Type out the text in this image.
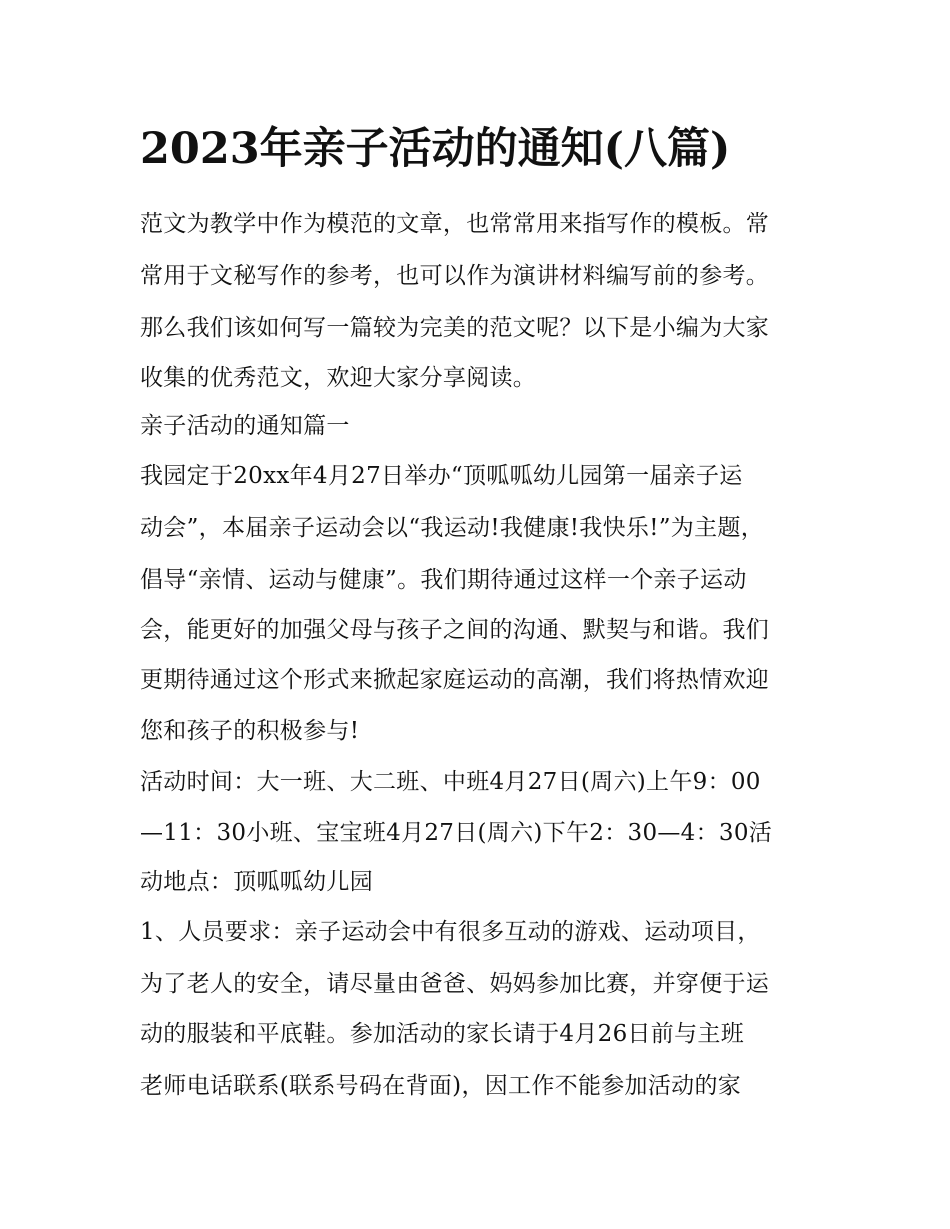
2023年亲子活动的通知(八篇)

范文为教学中作为模范的文章，也常常用来指写作的模板。常

常用于文秘写作的参考，也可以作为演讲材料编写前的参考。

那么我们该如何写一篇较为完美的范文呢？以下是小编为大家

收集的优秀范文，欢迎大家分享阅读。

亲子活动的通知篇一

我园定于20xx年4月27日举办“顶呱呱幼儿园第一届亲子运

动会”，本届亲子运动会以“我运动!我健康!我快乐!”为主题，

倡导“亲情、运动与健康”。我们期待通过这样一个亲子运动

会，能更好的加强父母与孩子之间的沟通、默契与和谐。我们

更期待通过这个形式来掀起家庭运动的高潮，我们将热情欢迎

您和孩子的积极参与!

活动时间：大一班、大二班、中班4月27日(周六)上午9：00

—11：30小班、宝宝班4月27日(周六)下午2：30—4：30活

动地点：顶呱呱幼儿园

1、人员要求：亲子运动会中有很多互动的游戏、运动项目，

为了老人的安全，请尽量由爸爸、妈妈参加比赛，并穿便于运

动的服装和平底鞋。参加活动的家长请于4月26日前与主班

老师电话联系(联系号码在背面)，因工作不能参加活动的家
